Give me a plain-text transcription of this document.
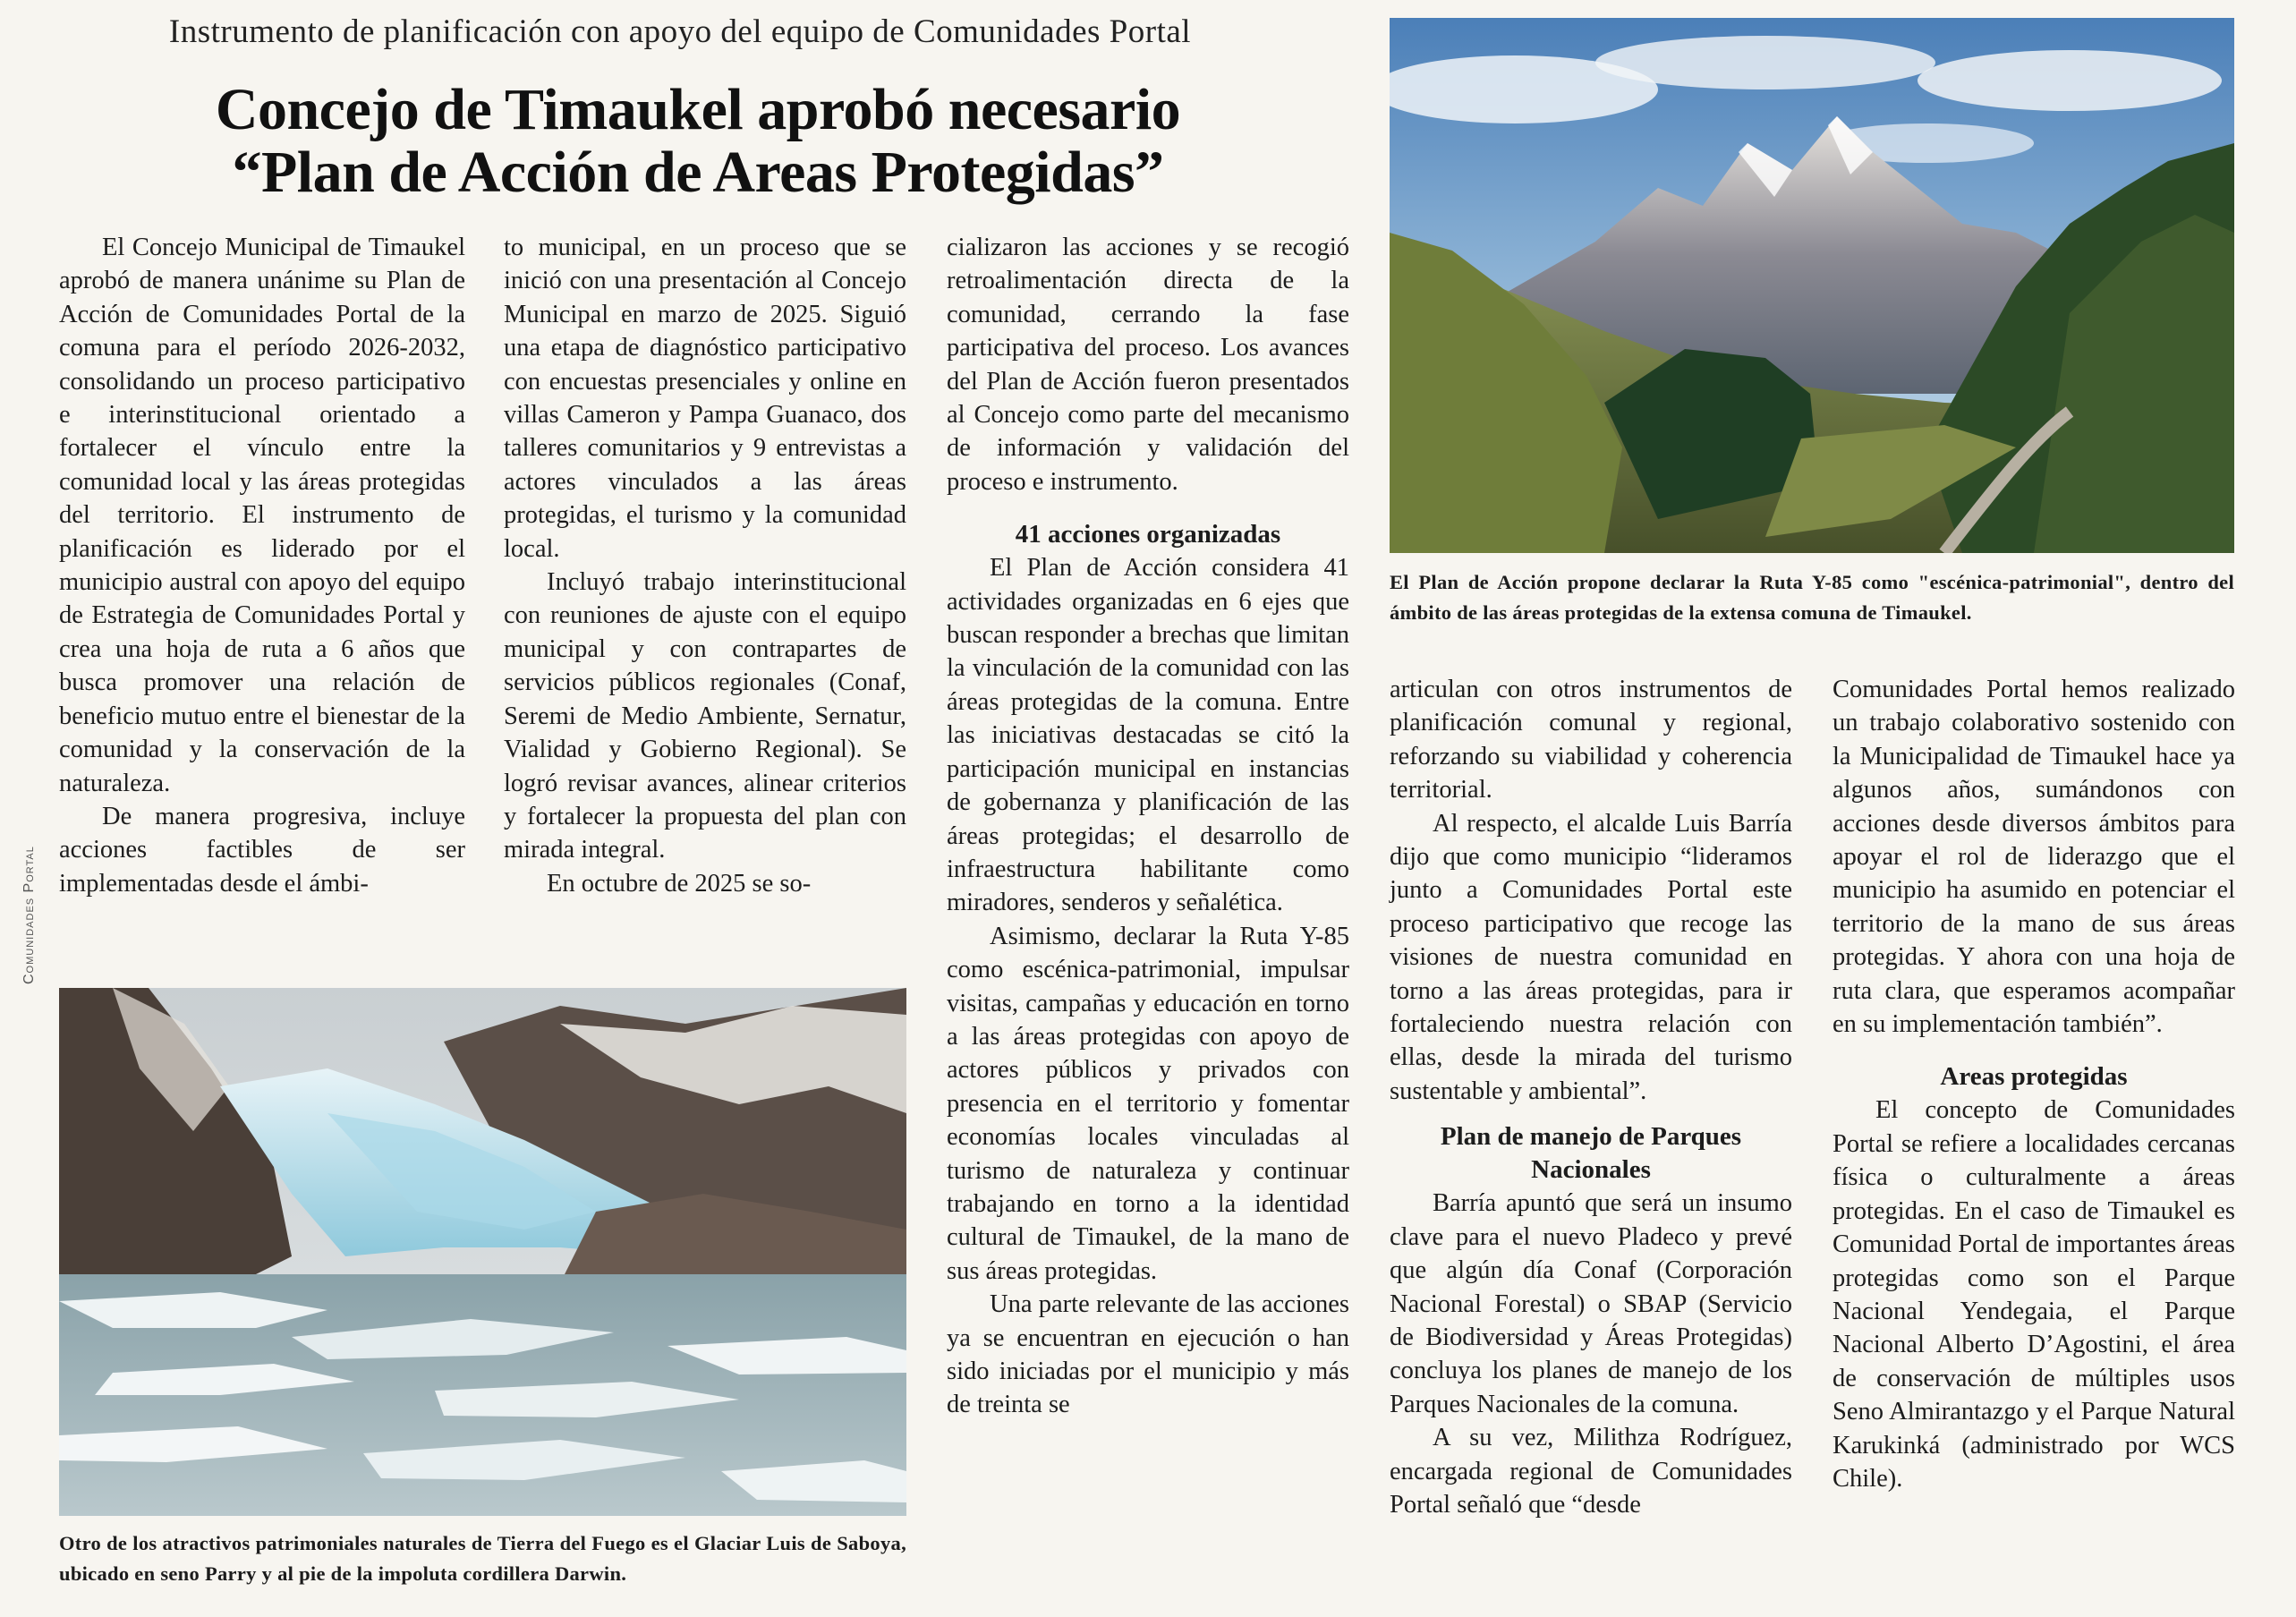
Instrumento de planificación con apoyo del equipo de Comunidades Portal
Concejo de Timaukel aprobó necesario
“Plan de Acción de Areas Protegidas”

El Concejo Municipal de Timaukel aprobó de manera unánime su Plan de Acción de Comunidades Portal de la comuna para el período 2026-2032, consolidando un proceso participativo e interinstitucional orientado a fortalecer el vínculo entre la comunidad local y las áreas protegidas del territorio. El instrumento de planificación es liderado por el municipio austral con apoyo del equipo de Estrategia de Comunidades Portal y crea una hoja de ruta a 6 años que busca promover una relación de beneficio mutuo entre el bienestar de la comunidad y la conservación de la naturaleza.

De manera progresiva, incluye acciones factibles de ser implementadas desde el ámbi-

to municipal, en un proceso que se inició con una presentación al Concejo Municipal en marzo de 2025. Siguió una etapa de diagnóstico participativo con encuestas presenciales y online en villas Cameron y Pampa Guanaco, dos talleres comunitarios y 9 entrevistas a actores vinculados a las áreas protegidas, el turismo y la comunidad local.

Incluyó trabajo interinstitucional con reuniones de ajuste con el equipo municipal y con contrapartes de servicios públicos regionales (Conaf, Seremi de Medio Ambiente, Sernatur, Vialidad y Gobierno Regional). Se logró revisar avances, alinear criterios y fortalecer la propuesta del plan con mirada integral.

En octubre de 2025 se so-

cializaron las acciones y se recogió retroalimentación directa de la comunidad, cerrando la fase participativa del proceso. Los avances del Plan de Acción fueron presentados al Concejo como parte del mecanismo de información y validación del proceso e instrumento.

41 acciones organizadas

El Plan de Acción considera 41 actividades organizadas en 6 ejes que buscan responder a brechas que limitan la vinculación de la comunidad con las áreas protegidas de la comuna. Entre las iniciativas destacadas se citó la participación municipal en instancias de gobernanza y planificación de las áreas protegidas; el desarrollo de infraestructura habilitante como miradores, senderos y señalética.

Asimismo, declarar la Ruta Y-85 como escénica-patrimonial, impulsar visitas, campañas y educación en torno a las áreas protegidas con apoyo de actores públicos y privados con presencia en el territorio y fomentar economías locales vinculadas al turismo de naturaleza y continuar trabajando en torno a la identidad cultural de Timaukel, de la mano de sus áreas protegidas.

Una parte relevante de las acciones ya se encuentran en ejecución o han sido iniciadas por el municipio y más de treinta se

articulan con otros instrumentos de planificación comunal y regional, reforzando su viabilidad y coherencia territorial.

Al respecto, el alcalde Luis Barría dijo que como municipio “lideramos junto a Comunidades Portal este proceso participativo que recoge las visiones de nuestra comunidad en torno a las áreas protegidas, para ir fortaleciendo nuestra relación con ellas, desde la mirada del turismo sustentable y ambiental”.

Plan de manejo de Parques Nacionales

Barría apuntó que será un insumo clave para el nuevo Pladeco y prevé que algún día Conaf (Corporación Nacional Forestal) o SBAP (Servicio de Biodiversidad y Áreas Protegidas) concluya los planes de manejo de los Parques Nacionales de la comuna.

A su vez, Milithza Rodríguez, encargada regional de Comunidades Portal señaló que “desde

Comunidades Portal hemos realizado un trabajo colaborativo sostenido con la Municipalidad de Timaukel hace ya algunos años, sumándonos con acciones desde diversos ámbitos para apoyar el rol de liderazgo que el municipio ha asumido en potenciar el territorio de la mano de sus áreas protegidas. Y ahora con una hoja de ruta clara, que esperamos acompañar en su implementación también”.

Areas protegidas

El concepto de Comunidades Portal se refiere a localidades cercanas física o culturalmente a áreas protegidas. En el caso de Timaukel es Comunidad Portal de importantes áreas protegidas como son el Parque Nacional Yendegaia, el Parque Nacional Alberto D’Agostini, el área de conservación de múltiples usos Seno Almirantazgo y el Parque Natural Karukinká (administrado por WCS Chile).

El Plan de Acción propone declarar la Ruta Y-85 como "escénica-patrimonial", dentro del ámbito de las áreas protegidas de la extensa comuna de Timaukel.
Comunidades Portal
Otro de los atractivos patrimoniales naturales de Tierra del Fuego es el Glaciar Luis de Saboya, ubicado en seno Parry y al pie de la impoluta cordillera Darwin.
